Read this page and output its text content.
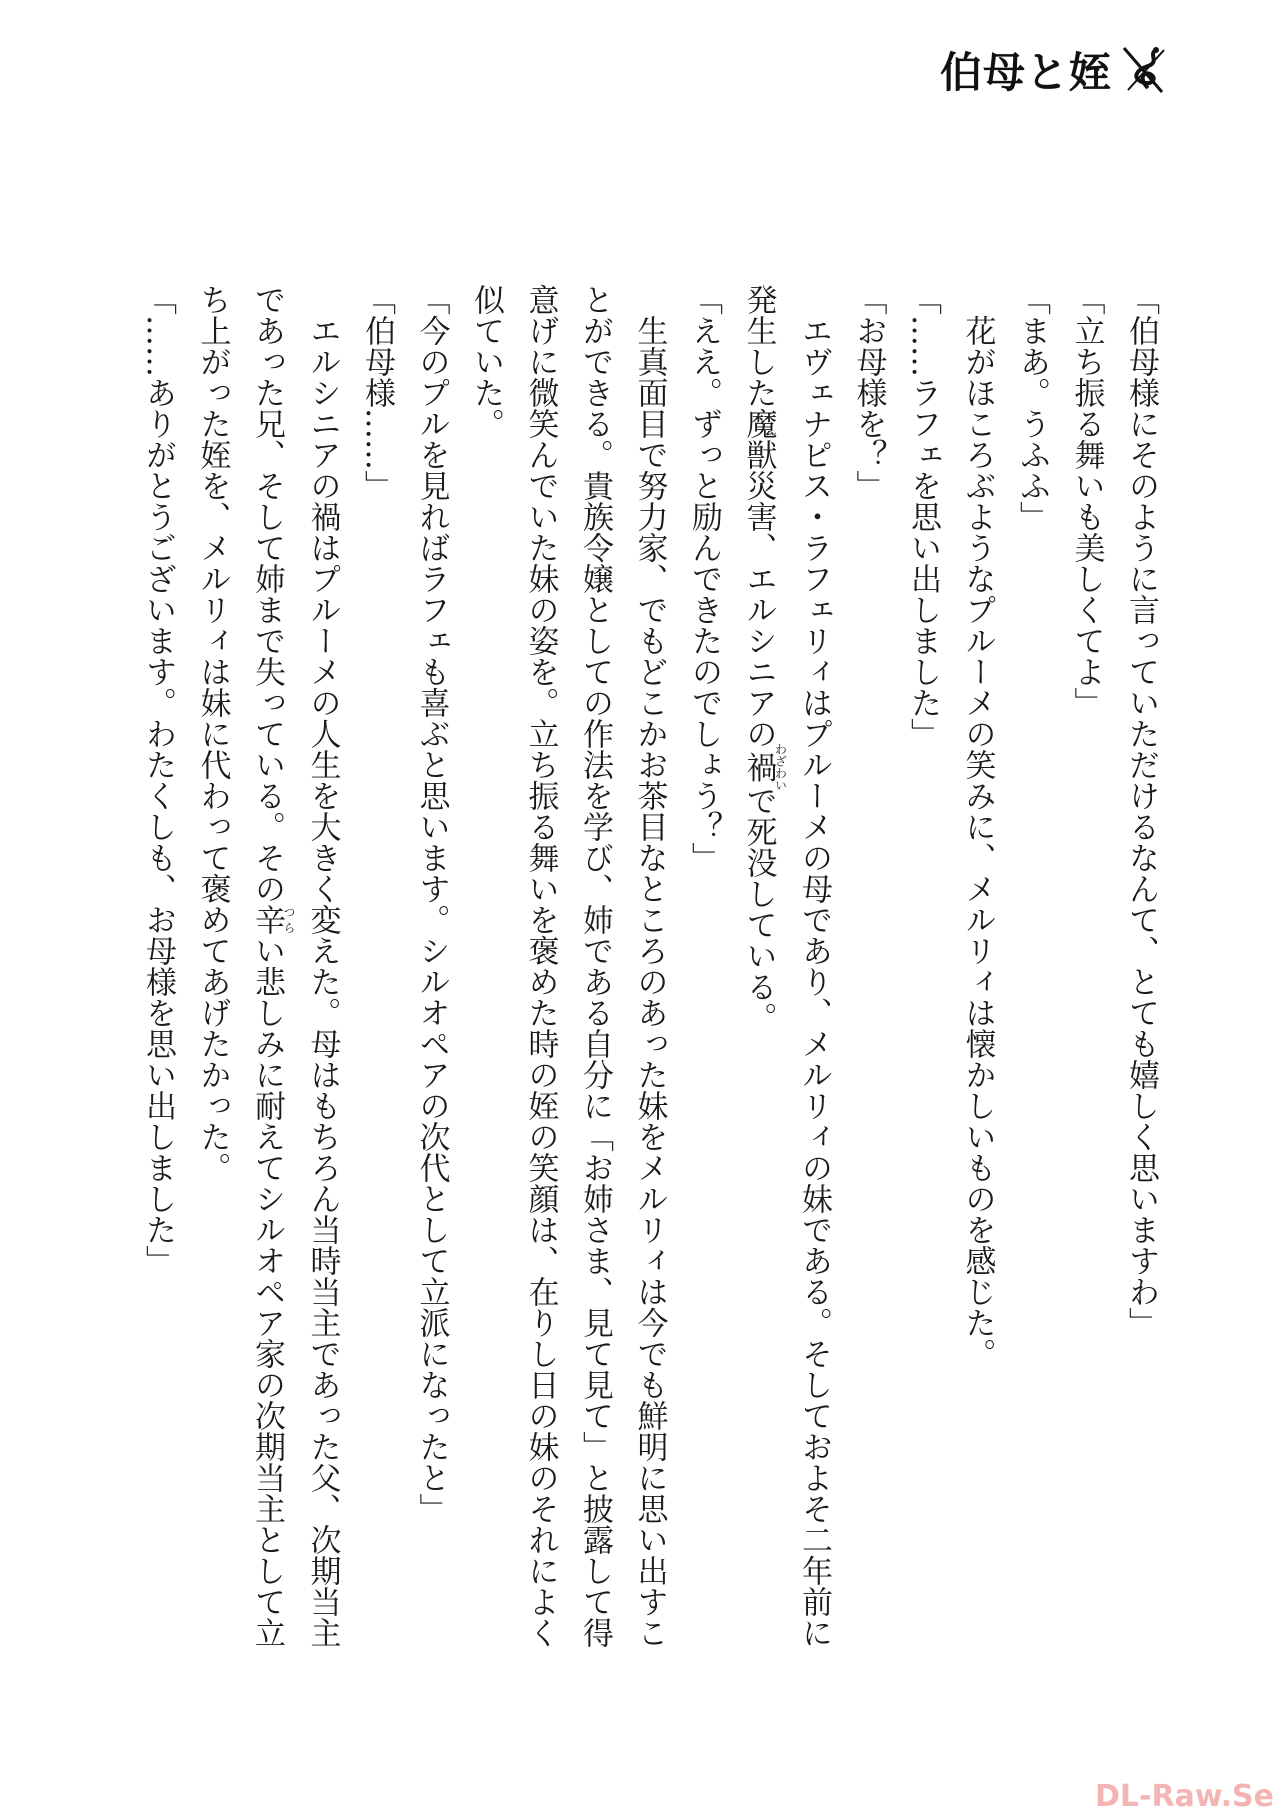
伯母と姪
「伯母様にそのように言っていただけるなんて、とても嬉しく思いますわ」
「立ち振る舞いも美しくてよ」
「まあ。うふふ」
　花がほころぶようなプルーメの笑みに、メルリィは懐かしいものを感じた。
「……ラフェを思い出しました」
「お母様を？」
　エヴェナピス・ラフェリィはプルーメの母であり、メルリィの妹である。そしておよそ二年前に
発生した魔獣災害、エルシニアの禍わざわいで死没している。
「ええ。ずっと励んできたのでしょう？」
　生真面目で努力家、でもどこかお茶目なところのあった妹をメルリィは今でも鮮明に思い出すこ
とができる。貴族令嬢としての作法を学び、姉である自分に「お姉さま、見て見て」と披露して得
意げに微笑んでいた妹の姿を。立ち振る舞いを褒めた時の姪の笑顔は、在りし日の妹のそれによく
似ていた。
「今のプルを見ればラフェも喜ぶと思います。シルオペアの次代として立派になったと」
「伯母様……」
　エルシニアの禍はプルーメの人生を大きく変えた。母はもちろん当時当主であった父、次期当主
であった兄、そして姉まで失っている。その辛つらい悲しみに耐えてシルオペア家の次期当主として立
ち上がった姪を、メルリィは妹に代わって褒めてあげたかった。
「……ありがとうございます。わたくしも、お母様を思い出しました」
DL-Raw.Se
